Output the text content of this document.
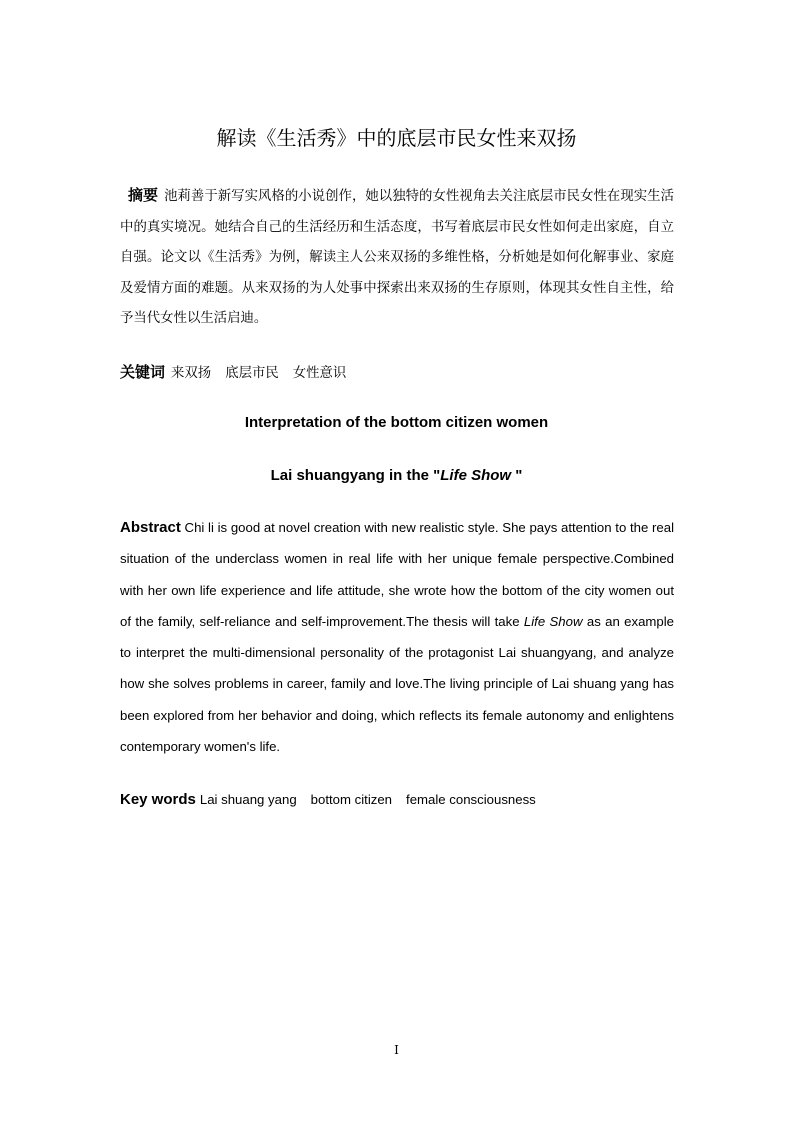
解读《生活秀》中的底层市民女性来双扬

摘要 池莉善于新写实风格的小说创作，她以独特的女性视角去关注底层市民女性在现实生活中的真实境况。她结合自己的生活经历和生活态度，书写着底层市民女性如何走出家庭，自立自强。论文以《生活秀》为例，解读主人公来双扬的多维性格，分析她是如何化解事业、家庭及爱情方面的难题。从来双扬的为人处事中探索出来双扬的生存原则，体现其女性自主性，给予当代女性以生活启迪。

关键词 来双扬 底层市民 女性意识

Interpretation of the bottom citizen women
Lai shuangyang in the "Life Show "

Abstract Chi li is good at novel creation with new realistic style. She pays attention to the real situation of the underclass women in real life with her unique female perspective.Combined with her own life experience and life attitude, she wrote how the bottom of the city women out of the family, self-reliance and self-improvement.The thesis will take Life Show as an example to interpret the multi-dimensional personality of the protagonist Lai shuangyang, and analyze how she solves problems in career, family and love.The living principle of Lai shuang yang has been explored from her behavior and doing, which reflects its female autonomy and enlightens contemporary women's life.

Key words Lai shuang yang bottom citizen female consciousness

I
